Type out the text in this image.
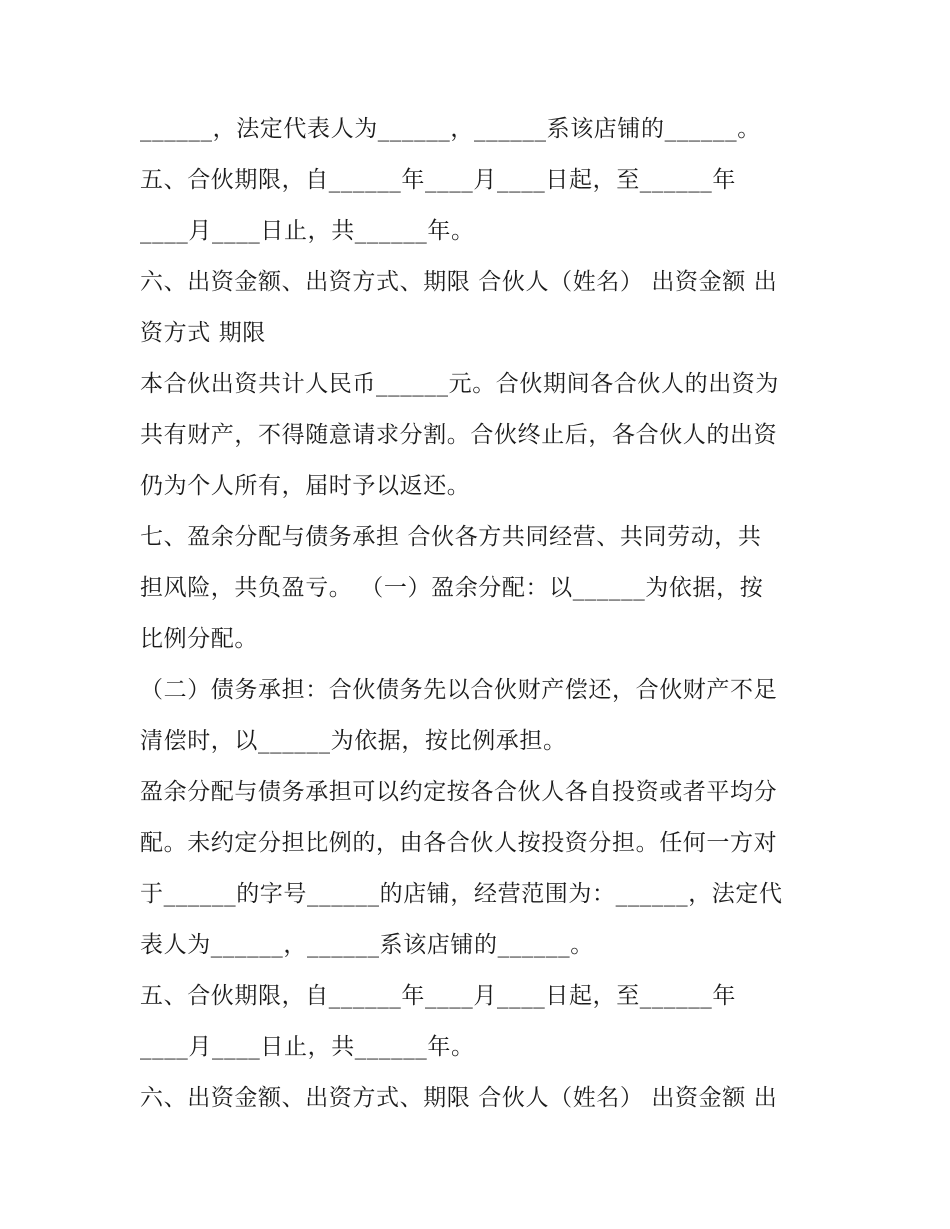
______，法定代表人为______，______系该店铺的______。
五、合伙期限，自______年____月____日起，至______年
____月____日止，共______年。
六、出资金额、出资方式、期限 合伙人（姓名） 出资金额 出
资方式 期限
本合伙出资共计人民币______元。合伙期间各合伙人的出资为
共有财产，不得随意请求分割。合伙终止后，各合伙人的出资
仍为个人所有，届时予以返还。
七、盈余分配与债务承担 合伙各方共同经营、共同劳动，共
担风险，共负盈亏。 （一）盈余分配：以______为依据，按
比例分配。
（二）债务承担：合伙债务先以合伙财产偿还，合伙财产不足
清偿时，以______为依据，按比例承担。
盈余分配与债务承担可以约定按各合伙人各自投资或者平均分
配。未约定分担比例的，由各合伙人按投资分担。任何一方对
于______的字号______的店铺，经营范围为：______，法定代
表人为______，______系该店铺的______。
五、合伙期限，自______年____月____日起，至______年
____月____日止，共______年。
六、出资金额、出资方式、期限 合伙人（姓名） 出资金额 出
